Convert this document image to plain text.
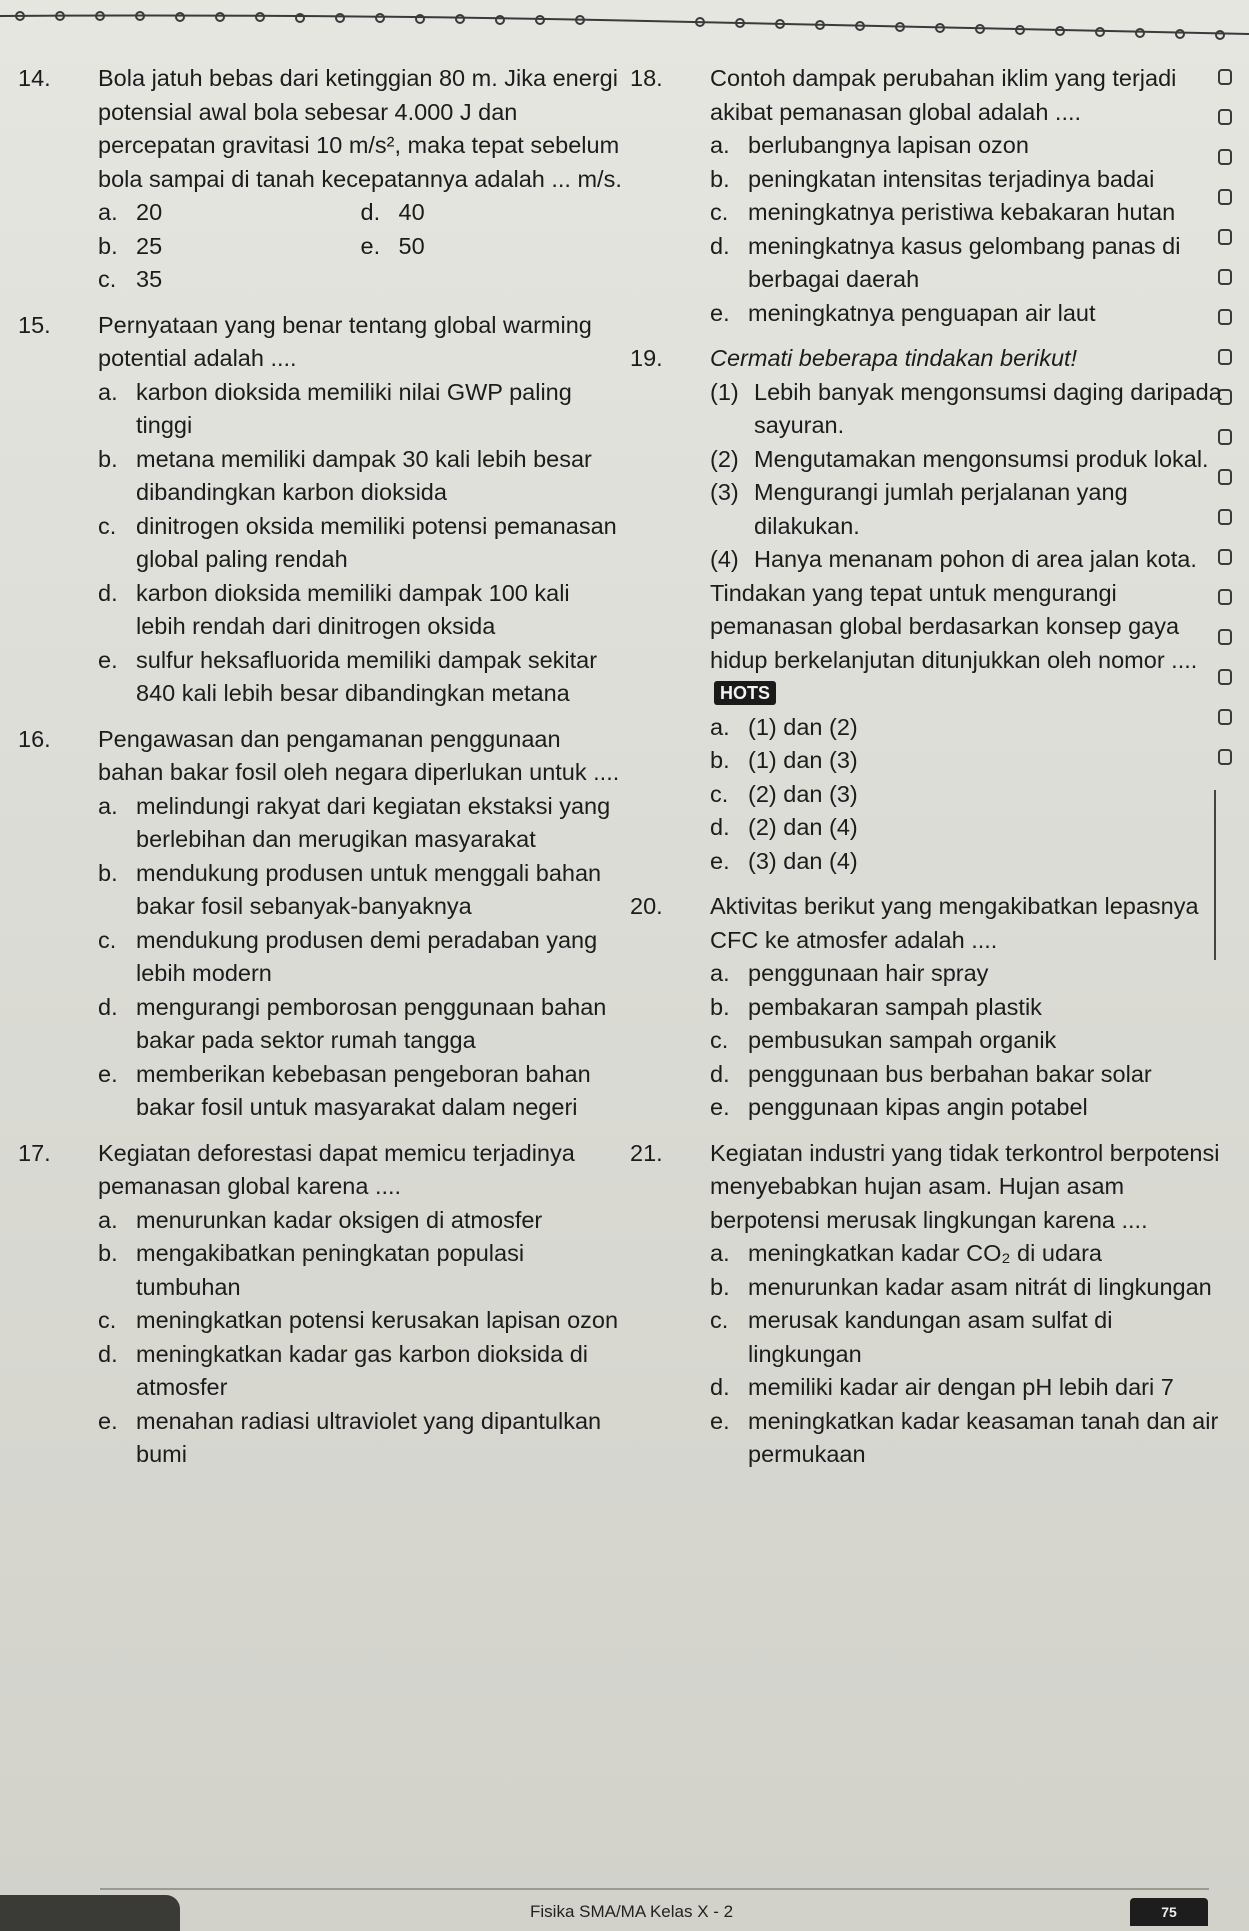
14. Bola jatuh bebas dari ketinggian 80 m. Jika energi potensial awal bola sebesar 4.000 J dan percepatan gravitasi 10 m/s², maka tepat sebelum bola sampai di tanah kecepatannya adalah ... m/s.

a. 20	d. 40
b. 25	e. 50
c. 35
15. Pernyataan yang benar tentang global warming potential adalah ....

a. karbon dioksida memiliki nilai GWP paling tinggi
b. metana memiliki dampak 30 kali lebih besar dibandingkan karbon dioksida
c. dinitrogen oksida memiliki potensi pemanasan global paling rendah
d. karbon dioksida memiliki dampak 100 kali lebih rendah dari dinitrogen oksida
e. sulfur heksafluorida memiliki dampak sekitar 840 kali lebih besar dibandingkan metana
16. Pengawasan dan pengamanan penggunaan bahan bakar fosil oleh negara diperlukan untuk ....

a. melindungi rakyat dari kegiatan ekstaksi yang berlebihan dan merugikan masyarakat
b. mendukung produsen untuk menggali bahan bakar fosil sebanyak-banyaknya
c. mendukung produsen demi peradaban yang lebih modern
d. mengurangi pemborosan penggunaan bahan bakar pada sektor rumah tangga
e. memberikan kebebasan pengeboran bahan bakar fosil untuk masyarakat dalam negeri
17. Kegiatan deforestasi dapat memicu terjadinya pemanasan global karena ....

a. menurunkan kadar oksigen di atmosfer
b. mengakibatkan peningkatan populasi tumbuhan
c. meningkatkan potensi kerusakan lapisan ozon
d. meningkatkan kadar gas karbon dioksida di atmosfer
e. menahan radiasi ultraviolet yang dipantulkan bumi
18. Contoh dampak perubahan iklim yang terjadi akibat pemanasan global adalah ....

a. berlubangnya lapisan ozon
b. peningkatan intensitas terjadinya badai
c. meningkatnya peristiwa kebakaran hutan
d. meningkatnya kasus gelombang panas di berbagai daerah
e. meningkatnya penguapan air laut
19. Cermati beberapa tindakan berikut!

(1) Lebih banyak mengonsumsi daging daripada sayuran.
(2) Mengutamakan mengonsumsi produk lokal.
(3) Mengurangi jumlah perjalanan yang dilakukan.
(4) Hanya menanam pohon di area jalan kota.

Tindakan yang tepat untuk mengurangi pemanasan global berdasarkan konsep gaya hidup berkelanjutan ditunjukkan oleh nomor .... HOTS

a. (1) dan (2)
b. (1) dan (3)
c. (2) dan (3)
d. (2) dan (4)
e. (3) dan (4)
20. Aktivitas berikut yang mengakibatkan lepasnya CFC ke atmosfer adalah ....

a. penggunaan hair spray
b. pembakaran sampah plastik
c. pembusukan sampah organik
d. penggunaan bus berbahan bakar solar
e. penggunaan kipas angin potabel
21. Kegiatan industri yang tidak terkontrol berpotensi menyebabkan hujan asam. Hujan asam berpotensi merusak lingkungan karena ....

a. meningkatkan kadar CO₂ di udara
b. menurunkan kadar asam nitrát di lingkungan
c. merusak kandungan asam sulfat di lingkungan
d. memiliki kadar air dengan pH lebih dari 7
e. meningkatkan kadar keasaman tanah dan air permukaan
Fisika SMA/MA Kelas X - 2	75
